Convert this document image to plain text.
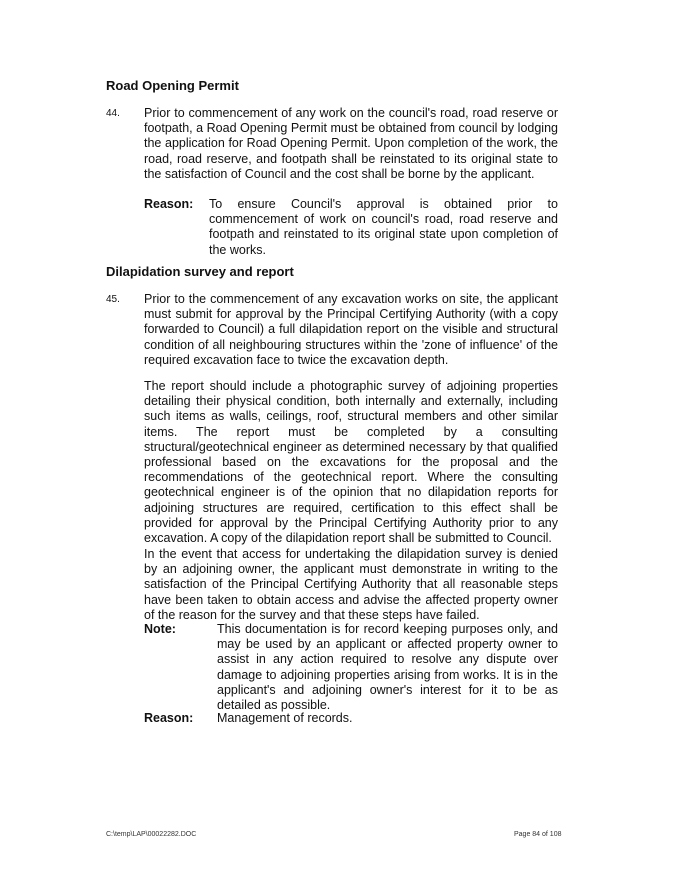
Road Opening Permit
44. Prior to commencement of any work on the council's road, road reserve or footpath, a Road Opening Permit must be obtained from council by lodging the application for Road Opening Permit. Upon completion of the work, the road, road reserve, and footpath shall be reinstated to its original state to the satisfaction of Council and the cost shall be borne by the applicant.

Reason: To ensure Council's approval is obtained prior to commencement of work on council's road, road reserve and footpath and reinstated to its original state upon completion of the works.

Dilapidation survey and report
45. Prior to the commencement of any excavation works on site, the applicant must submit for approval by the Principal Certifying Authority (with a copy forwarded to Council) a full dilapidation report on the visible and structural condition of all neighbouring structures within the 'zone of influence' of the required excavation face to twice the excavation depth.

The report should include a photographic survey of adjoining properties detailing their physical condition, both internally and externally, including such items as walls, ceilings, roof, structural members and other similar items. The report must be completed by a consulting structural/geotechnical engineer as determined necessary by that qualified professional based on the excavations for the proposal and the recommendations of the geotechnical report. Where the consulting geotechnical engineer is of the opinion that no dilapidation reports for adjoining structures are required, certification to this effect shall be provided for approval by the Principal Certifying Authority prior to any excavation. A copy of the dilapidation report shall be submitted to Council.

In the event that access for undertaking the dilapidation survey is denied by an adjoining owner, the applicant must demonstrate in writing to the satisfaction of the Principal Certifying Authority that all reasonable steps have been taken to obtain access and advise the affected property owner of the reason for the survey and that these steps have failed.

Note:	This documentation is for record keeping purposes only, and may be used by an applicant or affected property owner to assist in any action required to resolve any dispute over damage to adjoining properties arising from works. It is in the applicant's and adjoining owner's interest for it to be as detailed as possible.

Reason: Management of records.

C:\temp\LAP\00022282.DOC	Page 84 of 108
